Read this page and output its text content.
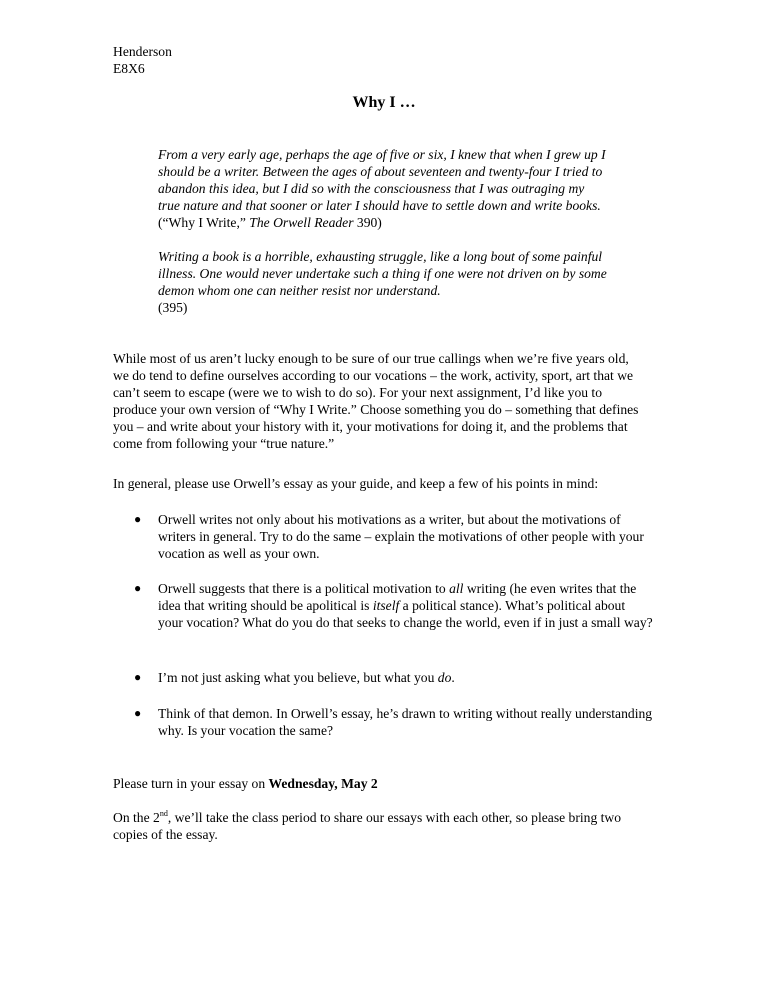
Henderson
E8X6
Why I …

From a very early age, perhaps the age of five or six, I knew that when I grew up I should be a writer. Between the ages of about seventeen and twenty-four I tried to abandon this idea, but I did so with the consciousness that I was outraging my true nature and that sooner or later I should have to settle down and write books. (“Why I Write,” The Orwell Reader 390)

Writing a book is a horrible, exhausting struggle, like a long bout of some painful illness. One would never undertake such a thing if one were not driven on by some demon whom one can neither resist nor understand.
(395)

While most of us aren’t lucky enough to be sure of our true callings when we’re five years old, we do tend to define ourselves according to our vocations – the work, activity, sport, art that we can’t seem to escape (were we to wish to do so). For your next assignment, I’d like you to produce your own version of “Why I Write.” Choose something you do – something that defines you – and write about your history with it, your motivations for doing it, and the problems that come from following your “true nature.”

In general, please use Orwell’s essay as your guide, and keep a few of his points in mind:

● Orwell writes not only about his motivations as a writer, but about the motivations of writers in general. Try to do the same – explain the motivations of other people with your vocation as well as your own.
● Orwell suggests that there is a political motivation to all writing (he even writes that the idea that writing should be apolitical is itself a political stance). What’s political about your vocation? What do you do that seeks to change the world, even if in just a small way?
● I’m not just asking what you believe, but what you do.
● Think of that demon. In Orwell’s essay, he’s drawn to writing without really understanding why. Is your vocation the same?

Please turn in your essay on Wednesday, May 2

On the 2nd, we’ll take the class period to share our essays with each other, so please bring two copies of the essay.
